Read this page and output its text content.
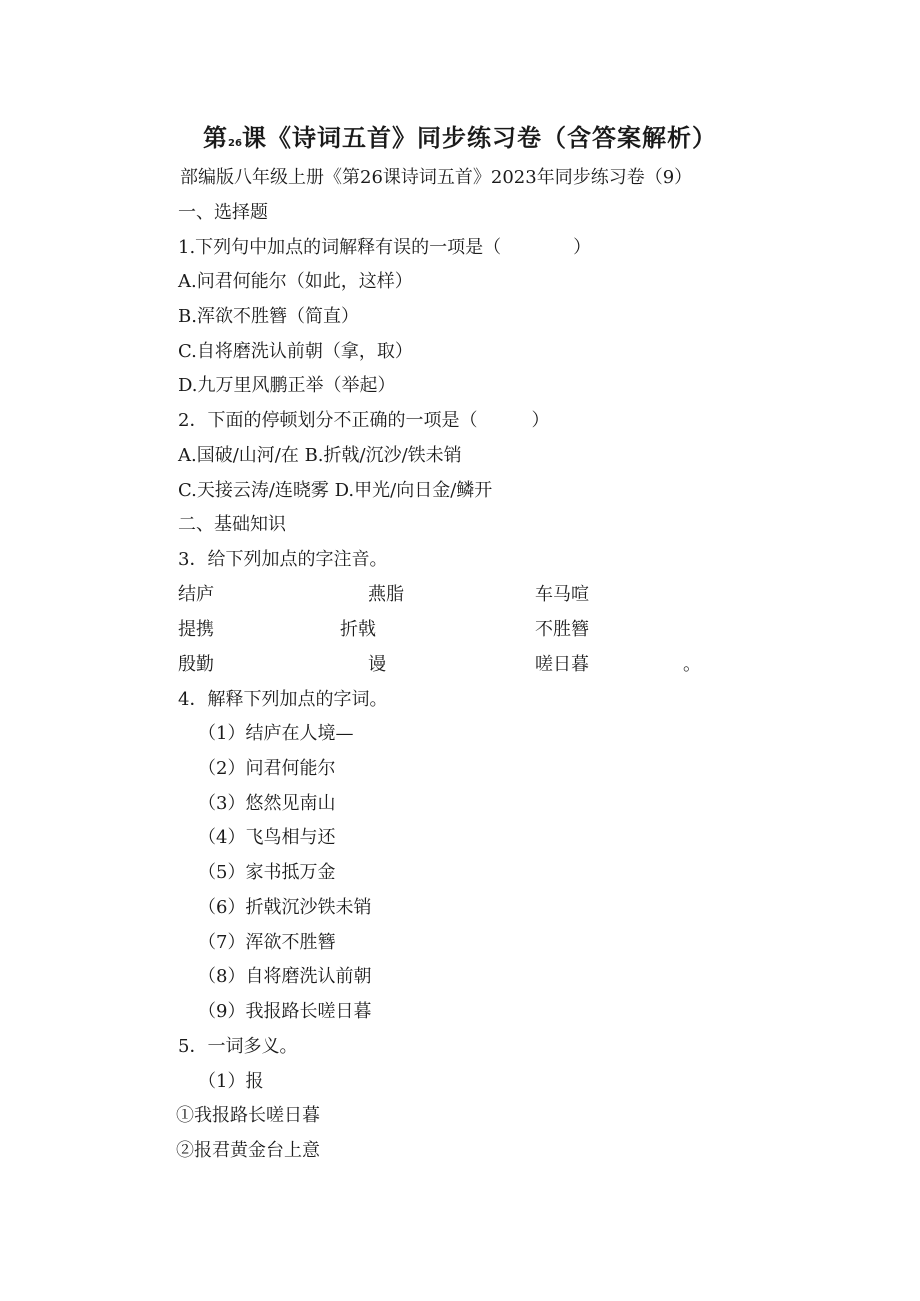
第26课《诗词五首》同步练习卷（含答案解析）
部编版八年级上册《第26课诗词五首》2023年同步练习卷（9）
一、选择题
1.下列句中加点的词解释有误的一项是（　　　　）
A.问君何能尔（如此，这样）
B.浑欲不胜簪（简直）
C.自将磨洗认前朝（拿，取）
D.九万里风鹏正举（举起）
2．下面的停顿划分不正确的一项是（　　　）
A.国破/山河/在 B.折戟/沉沙/铁未销
C.天接云涛/连晓雾 D.甲光/向日金/鳞开
二、基础知识
3．给下列加点的字注音。
结庐	燕脂	车马喧
提携	折戟	不胜簪
殷勤	谩	嗟日暮	。
4．解释下列加点的字词。
（1）结庐在人境—
（2）问君何能尔
（3）悠然见南山
（4）飞鸟相与还
（5）家书抵万金
（6）折戟沉沙铁未销
（7）浑欲不胜簪
（8）自将磨洗认前朝
（9）我报路长嗟日暮
5．一词多义。
（1）报
①我报路长嗟日暮
②报君黄金台上意
